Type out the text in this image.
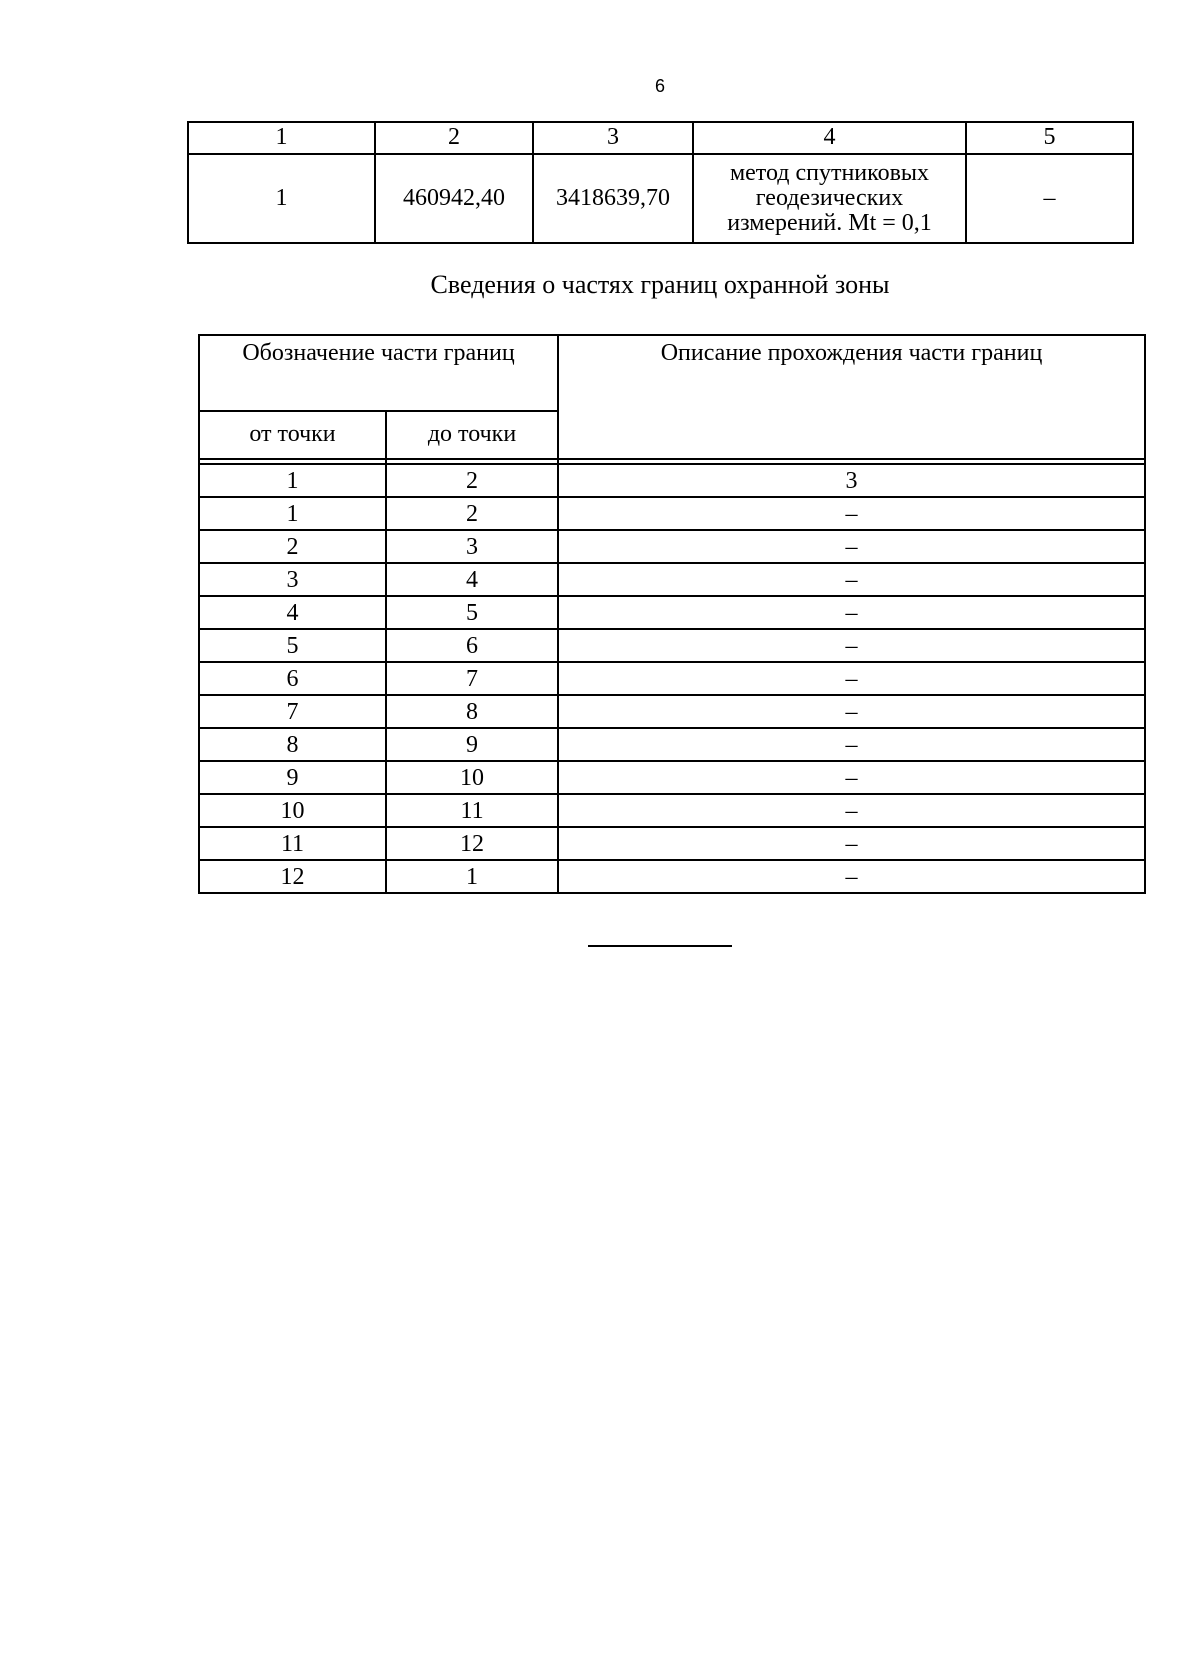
6
1	2	3	4	5
1	460942,40	3418639,70	метод спутниковых
геодезических
измерений. Mt = 0,1	–
Сведения о частях границ охранной зоны
Обозначение части границ		Описание прохождения части границ
от точки	до точки	

1	2	3
1	2	–
2	3	–
3	4	–
4	5	–
5	6	–
6	7	–
7	8	–
8	9	–
9	10	–
10	11	–
11	12	–
12	1	–
